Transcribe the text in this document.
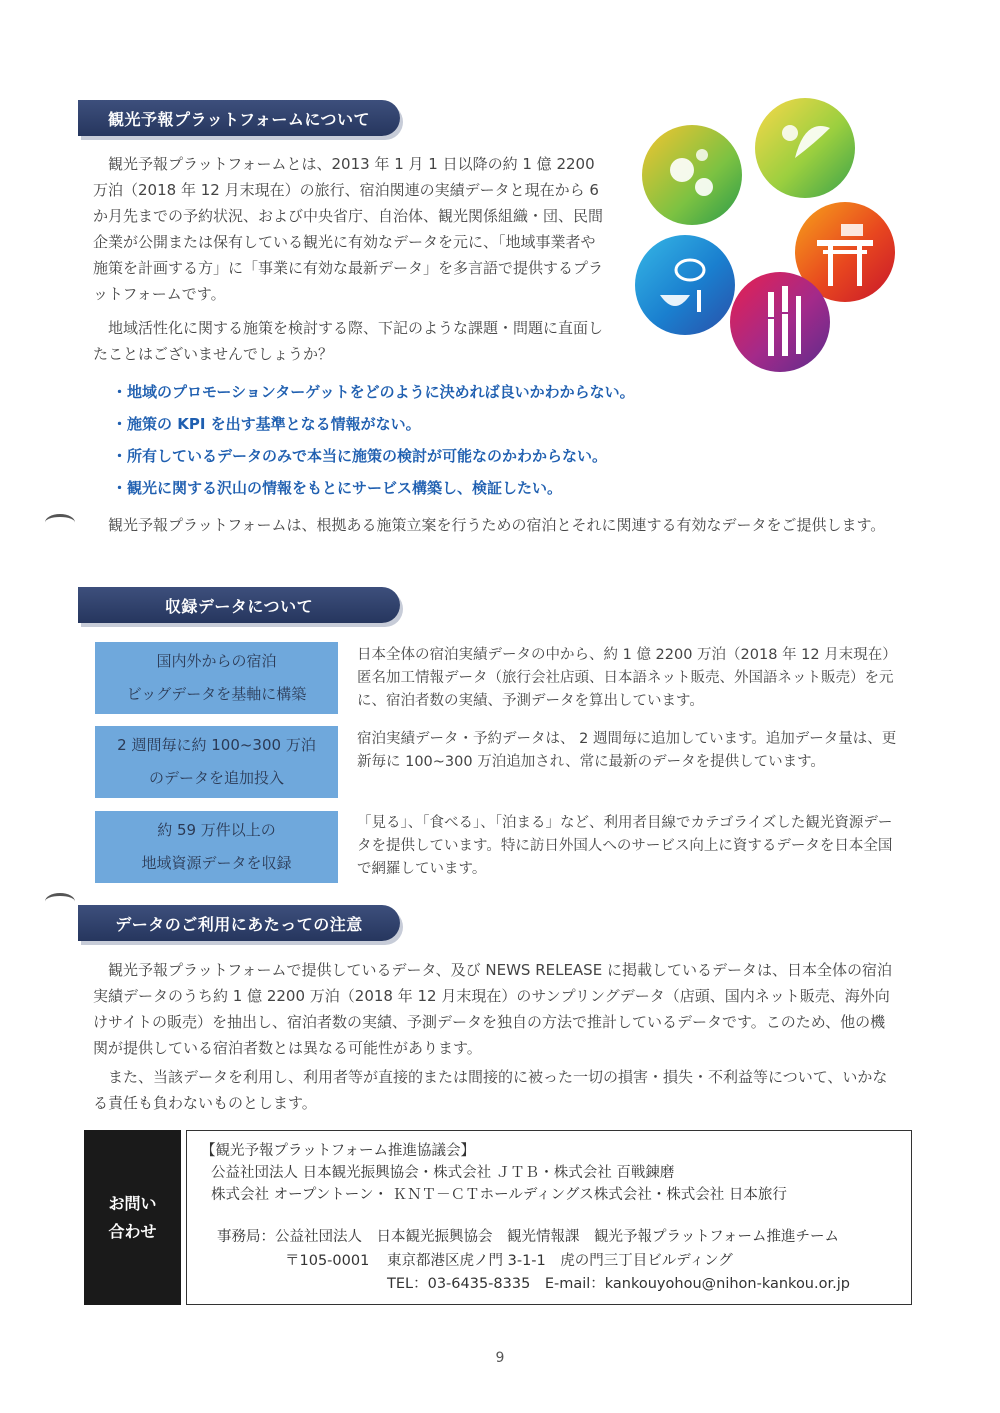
観光予報プラットフォームについて

観光予報プラットフォームとは、2013 年 1 月 1 日以降の約 1 億 2200 万泊（2018 年 12 月末現在）の旅行、宿泊関連の実績データと現在から 6 か月先までの予約状況、および中央省庁、自治体、観光関係組織・団、民間企業が公開または保有している観光に有効なデータを元に、「地域事業者や施策を計画する方」に「事業に有効な最新データ」を多言語で提供するプラットフォームです。

地域活性化に関する施策を検討する際、下記のような課題・問題に直面したことはございませんでしょうか？

・地域のプロモーションターゲットをどのように決めれば良いかわからない。
・施策の KPI を出す基準となる情報がない。
・所有しているデータのみで本当に施策の検討が可能なのかわからない。
・観光に関する沢山の情報をもとにサービス構築し、検証したい。

観光予報プラットフォームは、根拠ある施策立案を行うための宿泊とそれに関連する有効なデータをご提供します。

収録データについて
国内外からの宿泊
ビッグデータを基軸に構築

日本全体の宿泊実績データの中から、約 1 億 2200 万泊（2018 年 12 月末現在）匿名加工情報データ（旅行会社店頭、日本語ネット販売、外国語ネット販売）を元に、宿泊者数の実績、予測データを算出しています。

2 週間毎に約 100~300 万泊
のデータを追加投入

宿泊実績データ・予約データは、 2 週間毎に追加しています。追加データ量は、更新毎に 100~300 万泊追加され、常に最新のデータを提供しています。

約 59 万件以上の
地域資源データを収録

「見る」、「食べる」、「泊まる」など、利用者目線でカテゴライズした観光資源データを提供しています。特に訪日外国人へのサービス向上に資するデータを日本全国で網羅しています。

データのご利用にあたっての注意

観光予報プラットフォームで提供しているデータ、及び NEWS RELEASE に掲載しているデータは、日本全体の宿泊実績データのうち約 1 億 2200 万泊（2018 年 12 月末現在）のサンプリングデータ（店頭、国内ネット販売、海外向けサイトの販売）を抽出し、宿泊者数の実績、予測データを独自の方法で推計しているデータです。このため、他の機関が提供している宿泊者数とは異なる可能性があります。

また、当該データを利用し、利用者等が直接的または間接的に被った一切の損害・損失・不利益等について、いかなる責任も負わないものとします。

お問い
合わせ
【観光予報プラットフォーム推進協議会】
公益社団法人 日本観光振興協会・株式会社 ＪＴＢ・株式会社 百戦錬磨
株式会社 オープントーン・ ＫＮＴ－ＣＴホールディングス株式会社・株式会社 日本旅行
事務局：公益社団法人　日本観光振興協会　観光情報課　観光予報プラットフォーム推進チーム
〒105-0001 東京都港区虎ノ門 3-1-1　虎の門三丁目ビルディング
TEL：03-6435-8335　E-mail：kankouyohou@nihon-kankou.or.jp
9
